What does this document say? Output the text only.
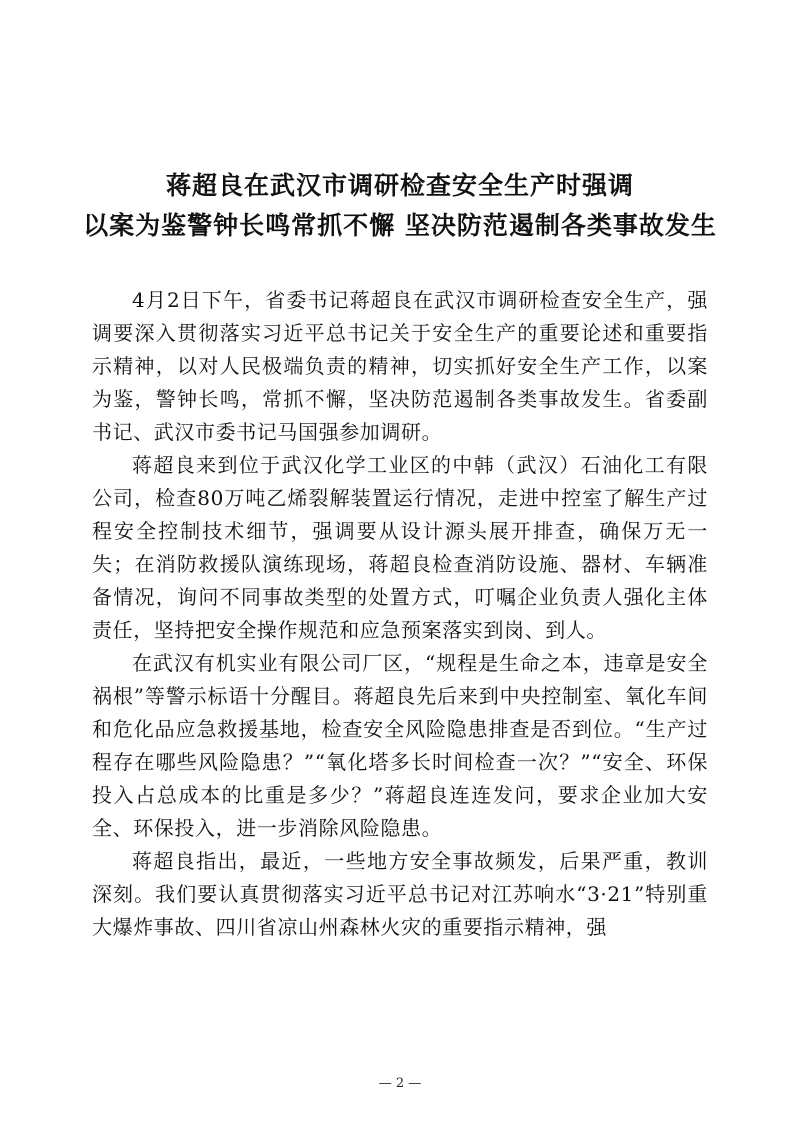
蒋超良在武汉市调研检查安全生产时强调
以案为鉴警钟长鸣常抓不懈 坚决防范遏制各类事故发生

4月2日下午，省委书记蒋超良在武汉市调研检查安全生产，强调要深入贯彻落实习近平总书记关于安全生产的重要论述和重要指示精神，以对人民极端负责的精神，切实抓好安全生产工作，以案为鉴，警钟长鸣，常抓不懈，坚决防范遏制各类事故发生。省委副书记、武汉市委书记马国强参加调研。

蒋超良来到位于武汉化学工业区的中韩（武汉）石油化工有限公司，检查80万吨乙烯裂解装置运行情况，走进中控室了解生产过程安全控制技术细节，强调要从设计源头展开排查，确保万无一失；在消防救援队演练现场，蒋超良检查消防设施、器材、车辆准备情况，询问不同事故类型的处置方式，叮嘱企业负责人强化主体责任，坚持把安全操作规范和应急预案落实到岗、到人。

在武汉有机实业有限公司厂区，“规程是生命之本，违章是安全祸根”等警示标语十分醒目。蒋超良先后来到中央控制室、氧化车间和危化品应急救援基地，检查安全风险隐患排查是否到位。“生产过程存在哪些风险隐患？”“氧化塔多长时间检查一次？”“安全、环保投入占总成本的比重是多少？”蒋超良连连发问，要求企业加大安全、环保投入，进一步消除风险隐患。

蒋超良指出，最近，一些地方安全事故频发，后果严重，教训深刻。我们要认真贯彻落实习近平总书记对江苏响水“3·21”特别重大爆炸事故、四川省凉山州森林火灾的重要指示精神，强

— 2 —
